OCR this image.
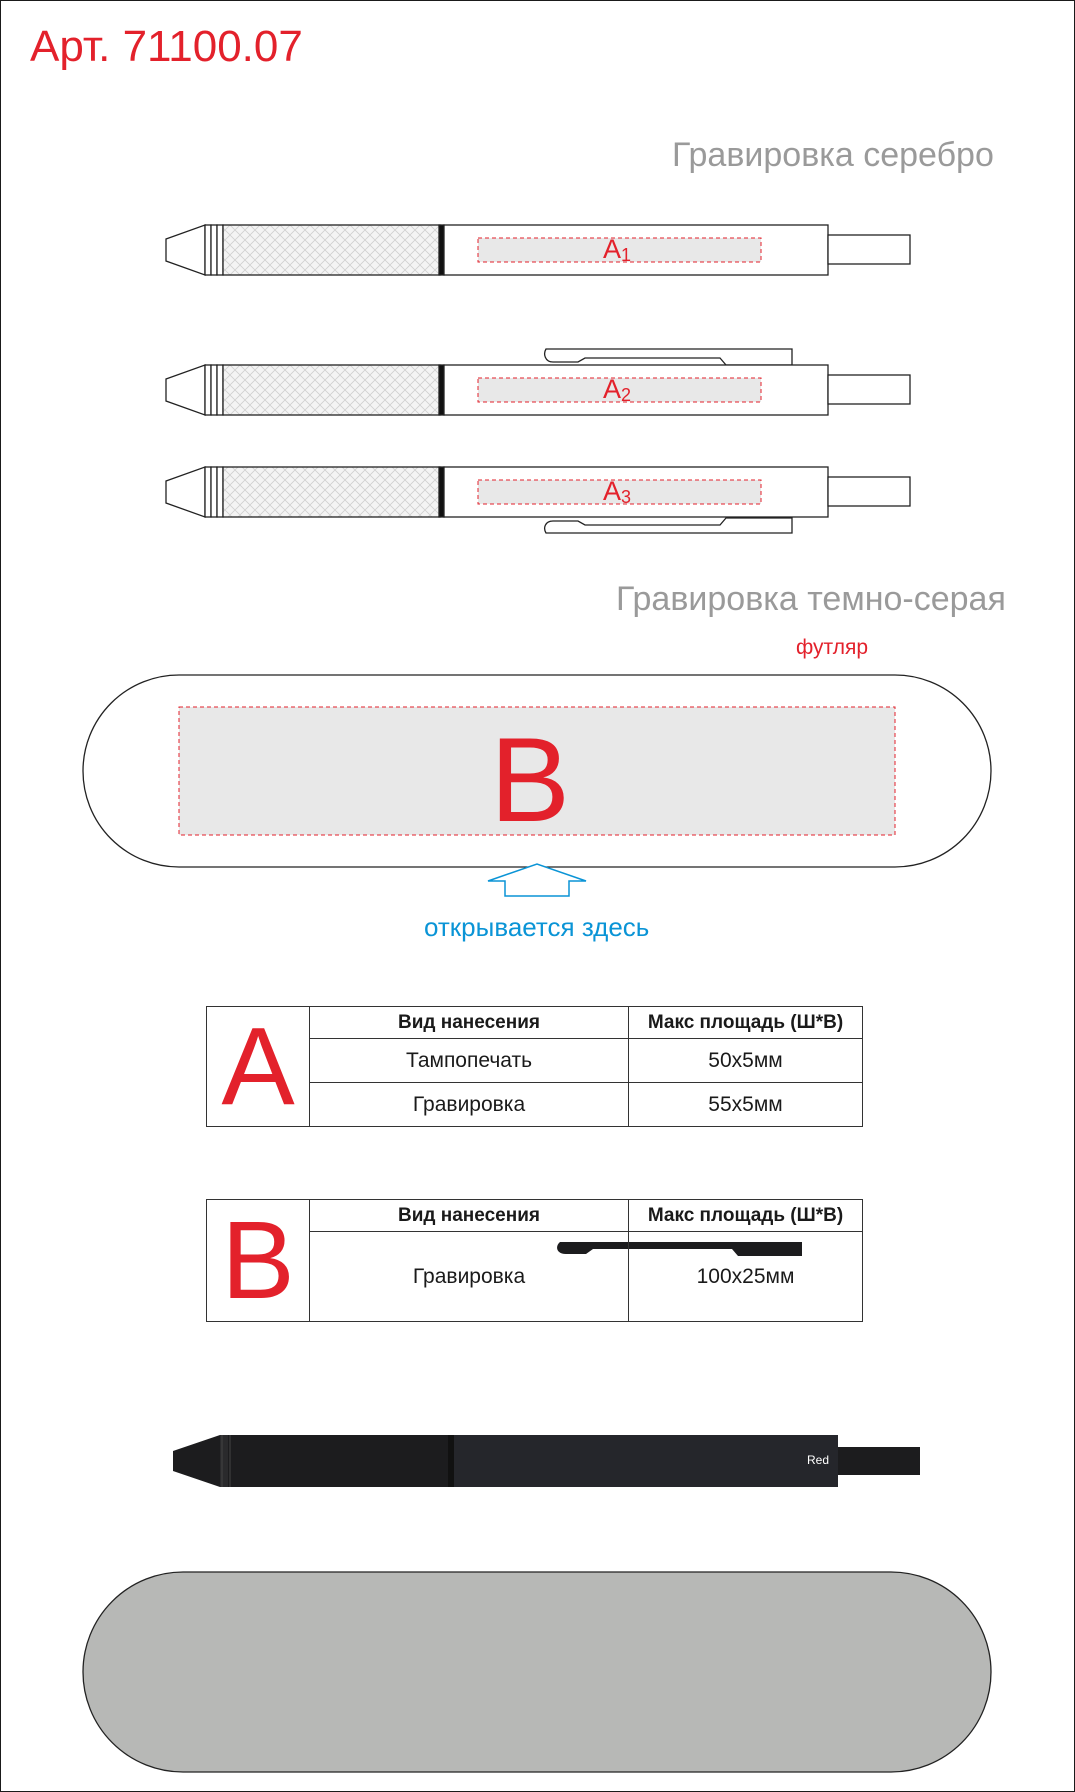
Арт. 71100.07
Гравировка серебро
$A_1$
$A_2$
$A_3$
Гравировка темно-серая
футляр
B
открывается здесь
A	Вид нанесения	Макс площадь (Ш*В)
	Тампопечать	50x5мм
	Гравировка	55x5мм
B	Вид нанесения	Макс площадь (Ш*В)
	Гравировка	100x25мм
Red
